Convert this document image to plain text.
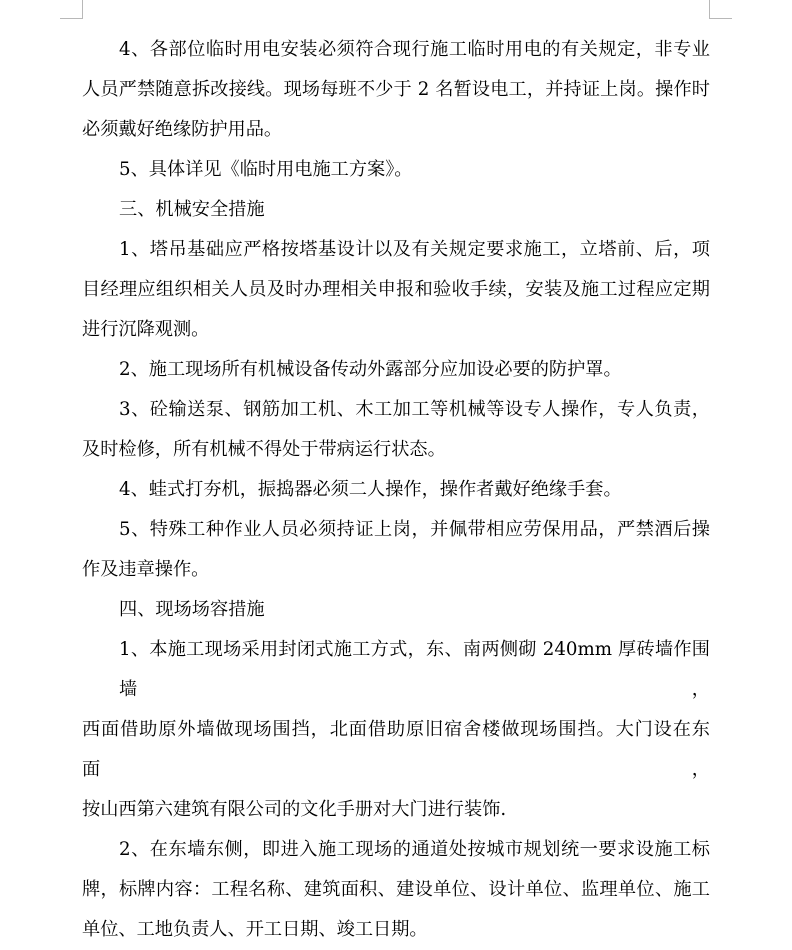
4、各部位临时用电安装必须符合现行施工临时用电的有关规定，非专业
人员严禁随意拆改接线。现场每班不少于 2 名暂设电工，并持证上岗。操作时
必须戴好绝缘防护用品。
5、具体详见《临时用电施工方案》。
三、机械安全措施
1、塔吊基础应严格按塔基设计以及有关规定要求施工，立塔前、后，项
目经理应组织相关人员及时办理相关申报和验收手续，安装及施工过程应定期
进行沉降观测。
2、施工现场所有机械设备传动外露部分应加设必要的防护罩。
3、砼输送泵、钢筋加工机、木工加工等机械等设专人操作，专人负责，
及时检修，所有机械不得处于带病运行状态。
4、蛙式打夯机，振捣器必须二人操作，操作者戴好绝缘手套。
5、特殊工种作业人员必须持证上岗，并佩带相应劳保用品，严禁酒后操
作及违章操作。
四、现场场容措施
1、本施工现场采用封闭式施工方式，东、南两侧砌 240mm 厚砖墙作围墙，
西面借助原外墙做现场围挡，北面借助原旧宿舍楼做现场围挡。大门设在东面，
按山西第六建筑有限公司的文化手册对大门进行装饰.
2、在东墙东侧，即进入施工现场的通道处按城市规划统一要求设施工标
牌，标牌内容：工程名称、建筑面积、建设单位、设计单位、监理单位、施工
单位、工地负责人、开工日期、竣工日期。
